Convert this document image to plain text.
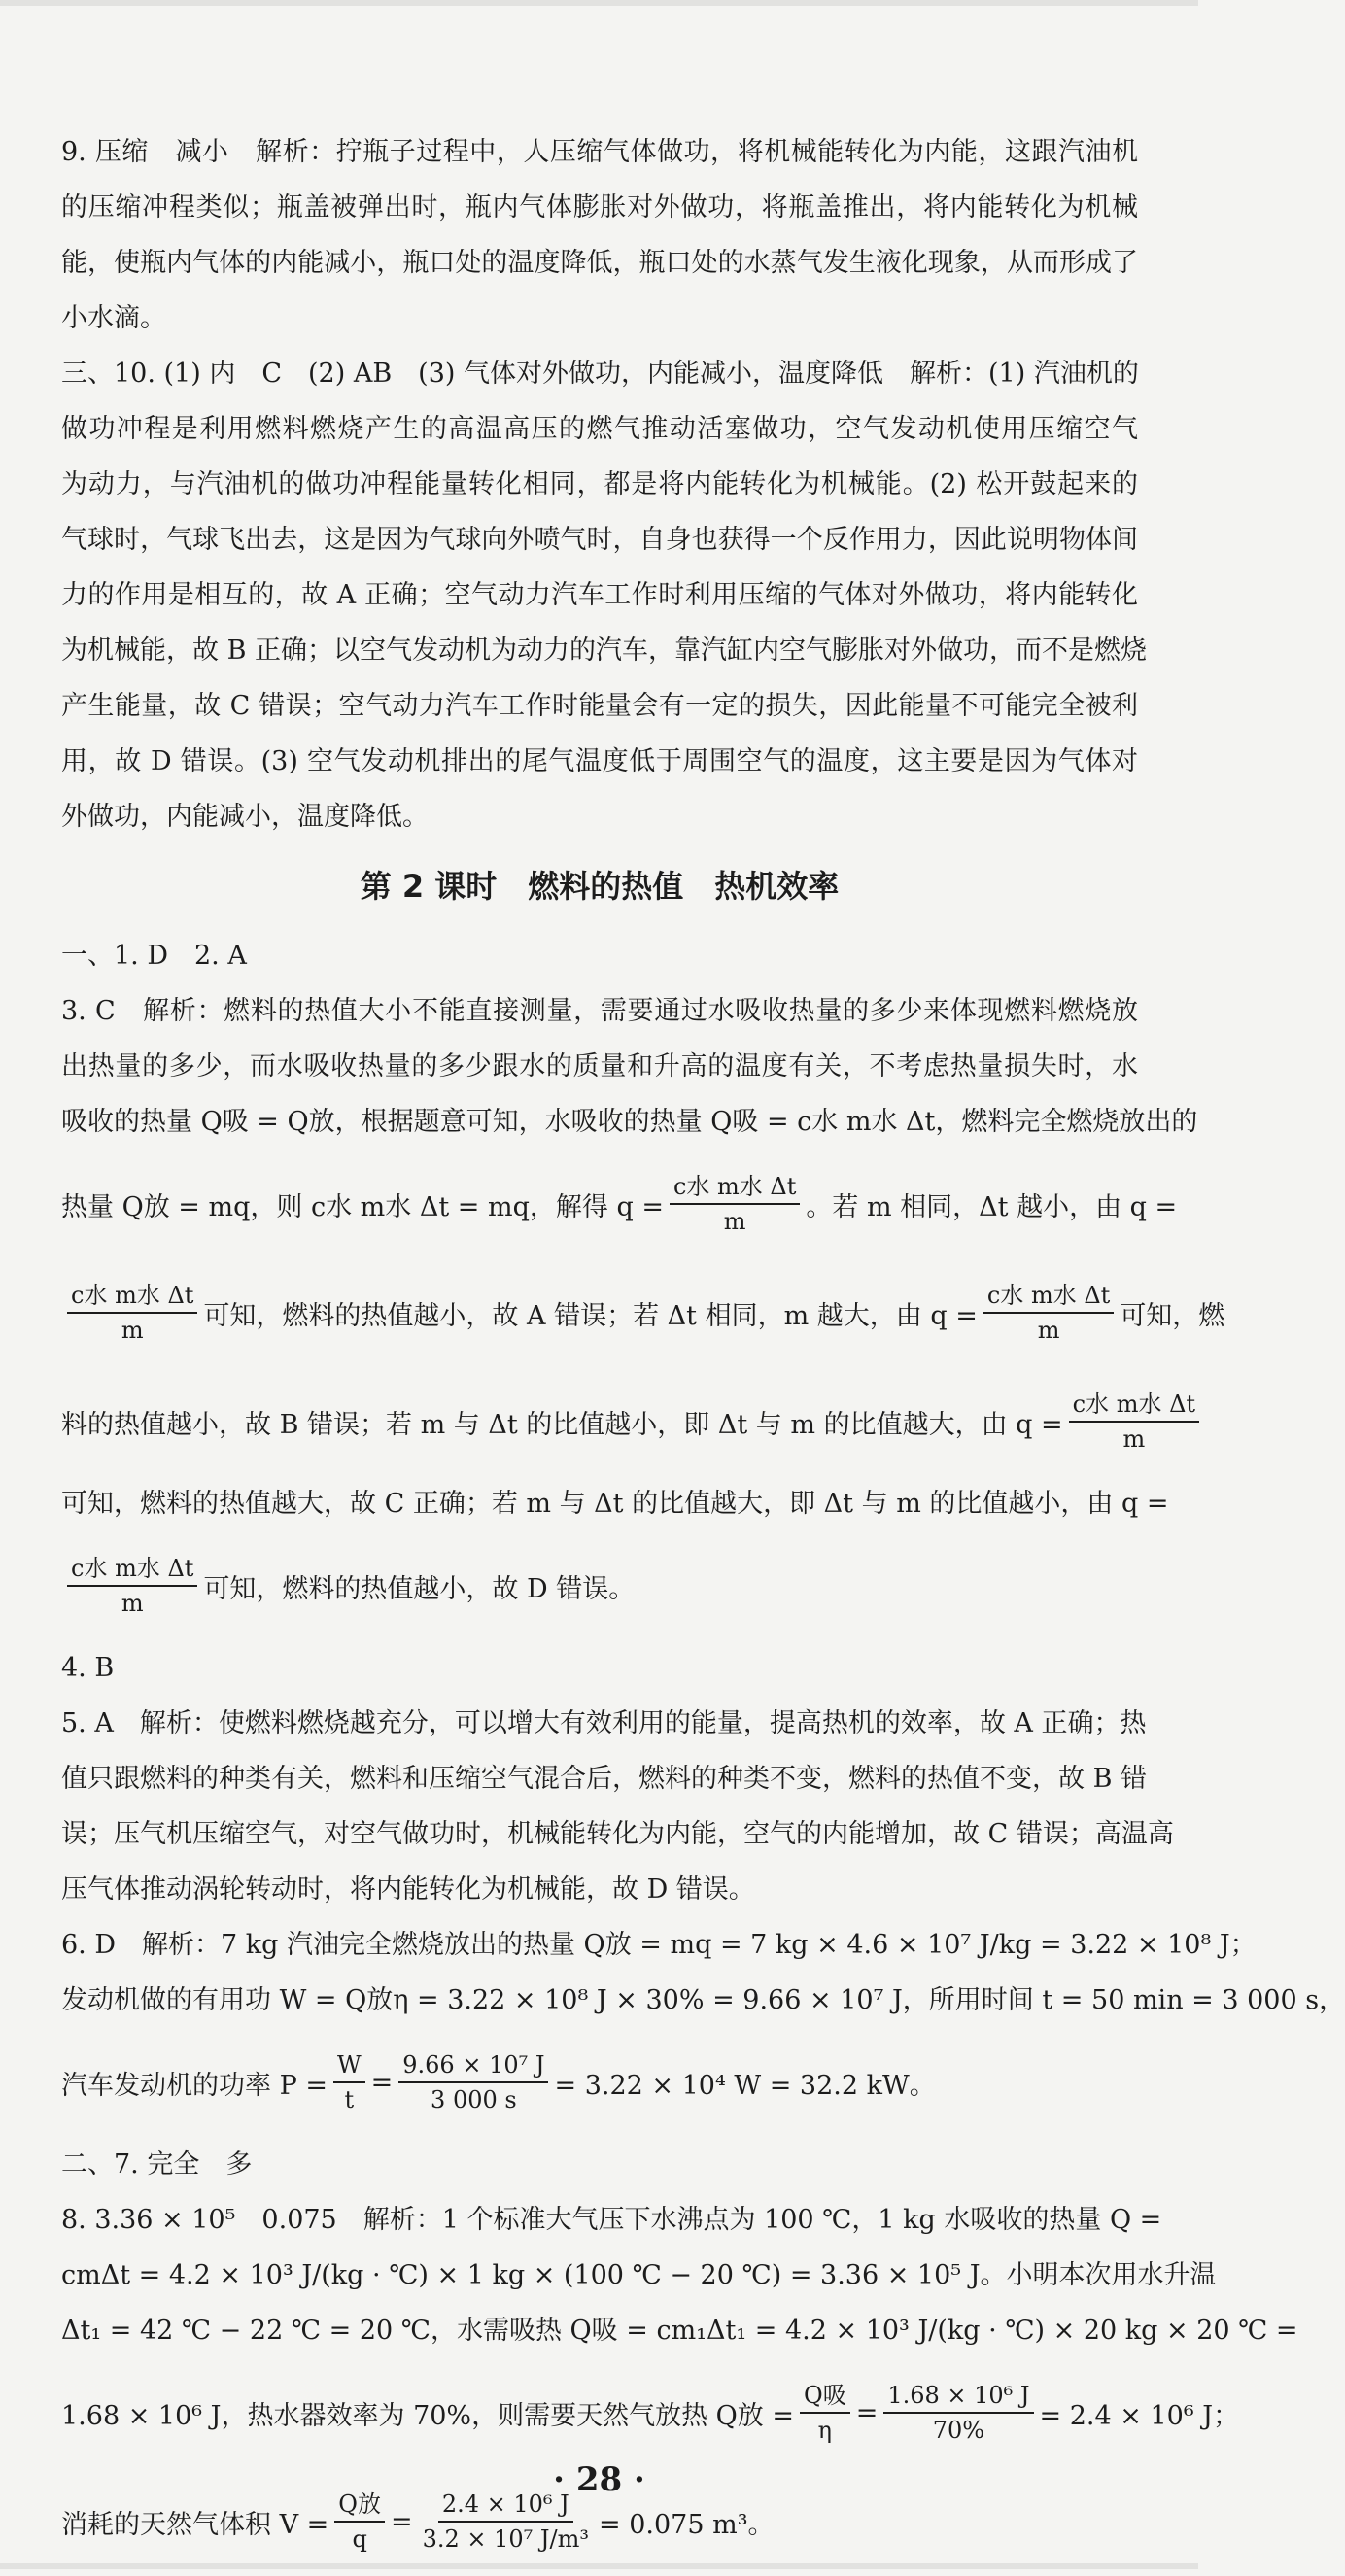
9. 压缩　减小　解析：拧瓶子过程中，人压缩气体做功，将机械能转化为内能，这跟汽油机
的压缩冲程类似；瓶盖被弹出时，瓶内气体膨胀对外做功，将瓶盖推出，将内能转化为机械
能，使瓶内气体的内能减小，瓶口处的温度降低，瓶口处的水蒸气发生液化现象，从而形成了
小水滴。
三、10. (1) 内　C　(2) AB　(3) 气体对外做功，内能减小，温度降低　解析：(1) 汽油机的
做功冲程是利用燃料燃烧产生的高温高压的燃气推动活塞做功，空气发动机使用压缩空气
为动力，与汽油机的做功冲程能量转化相同，都是将内能转化为机械能。(2) 松开鼓起来的
气球时，气球飞出去，这是因为气球向外喷气时，自身也获得一个反作用力，因此说明物体间
力的作用是相互的，故 A 正确；空气动力汽车工作时利用压缩的气体对外做功，将内能转化
为机械能，故 B 正确；以空气发动机为动力的汽车，靠汽缸内空气膨胀对外做功，而不是燃烧
产生能量，故 C 错误；空气动力汽车工作时能量会有一定的损失，因此能量不可能完全被利
用，故 D 错误。(3) 空气发动机排出的尾气温度低于周围空气的温度，这主要是因为气体对
外做功，内能减小，温度降低。
第 2 课时　燃料的热值　热机效率
一、1. D　2. A
3. C　解析：燃料的热值大小不能直接测量，需要通过水吸收热量的多少来体现燃料燃烧放
出热量的多少，而水吸收热量的多少跟水的质量和升高的温度有关，不考虑热量损失时，水
吸收的热量 Q吸 = Q放，根据题意可知，水吸收的热量 Q吸 = c水 m水 Δt，燃料完全燃烧放出的
热量 Q放 = mq，则 c水 m水 Δt = mq，解得 $q = \frac{\text{c水 m水 Δt}}{m}$ 。若 m 相同，Δt 越小，由 q =
$\frac{\text{c水 m水 Δt}}{m}$ 可知，燃料的热值越小，故 A 错误；若 Δt 相同，m 越大，由 $q = \frac{\text{c水 m水 Δt}}{m}$ 可知，燃
料的热值越小，故 B 错误；若 m 与 Δt 的比值越小，即 Δt 与 m 的比值越大，由 $q = \frac{\text{c水 m水 Δt}}{m}$
可知，燃料的热值越大，故 C 正确；若 m 与 Δt 的比值越大，即 Δt 与 m 的比值越小，由 q =
$\frac{\text{c水 m水 Δt}}{m}$ 可知，燃料的热值越小，故 D 错误。
4. B
5. A　解析：使燃料燃烧越充分，可以增大有效利用的能量，提高热机的效率，故 A 正确；热
值只跟燃料的种类有关，燃料和压缩空气混合后，燃料的种类不变，燃料的热值不变，故 B 错
误；压气机压缩空气，对空气做功时，机械能转化为内能，空气的内能增加，故 C 错误；高温高
压气体推动涡轮转动时，将内能转化为机械能，故 D 错误。
6. D　解析：7 kg 汽油完全燃烧放出的热量 Q放 = mq = 7 kg × 4.6 × 10⁷ J/kg = 3.22 × 10⁸ J；
发动机做的有用功 W = Q放η = 3.22 × 10⁸ J × 30% = 9.66 × 10⁷ J，所用时间 t = 50 min = 3 000 s，
汽车发动机的功率 $P = \frac{W}{t} = \frac{\text{9.66 × 10⁷ J}}{3 000 s} = 3.22 \times 10^4$ W = 32.2 kW。
二、7. 完全　多
8. 3.36 × 10⁵　0.075　解析：1 个标准大气压下水沸点为 100 ℃，1 kg 水吸收的热量 Q =
cmΔt = 4.2 × 10³ J/(kg · ℃) × 1 kg × (100 ℃ − 20 ℃) = 3.36 × 10⁵ J。小明本次用水升温
Δt₁ = 42 ℃ − 22 ℃ = 20 ℃，水需吸热 Q吸 = cm₁Δt₁ = 4.2 × 10³ J/(kg · ℃) × 20 kg × 20 ℃ =
1.68 × 10⁶ J，热水器效率为 70%，则需要天然气放热 Q放 = $\frac{\text{Q吸}}{\eta} = \frac{\text{1.68 × 10⁶ J}}{70\%} = 2.4 \times 10^6$ J；
消耗的天然气体积 $V = \frac{\text{Q放}}{q} = \frac{\text{2.4 × 10⁶ J}}{\text{3.2 × 10⁷ J/m³}} = 0.075$ m³。
· 28 ·
